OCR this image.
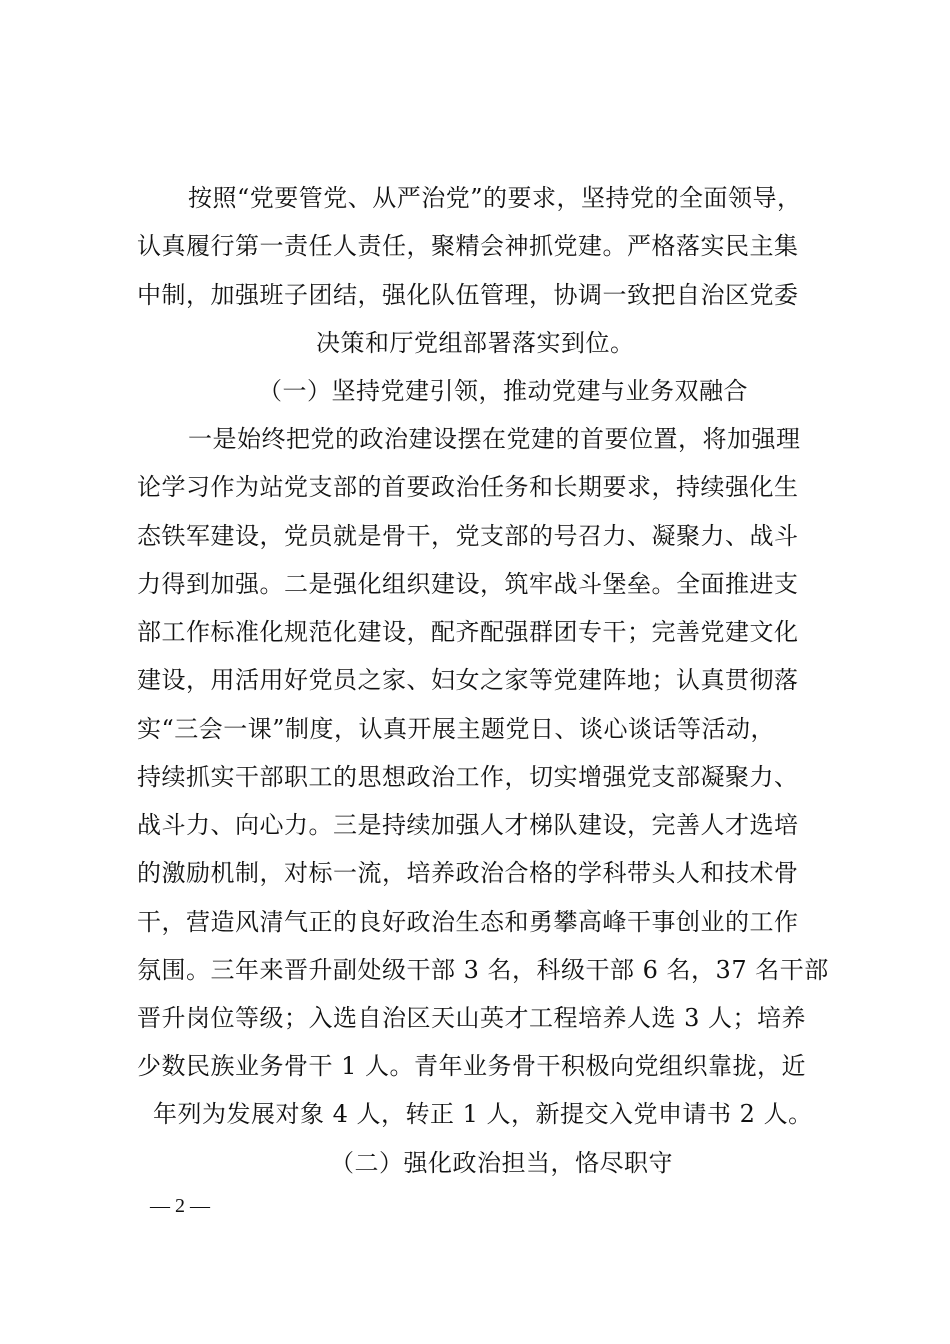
按照“党要管党、从严治党”的要求，坚持党的全面领导，
认真履行第一责任人责任，聚精会神抓党建。严格落实民主集
中制，加强班子团结，强化队伍管理，协调一致把自治区党委
决策和厅党组部署落实到位。
（一）坚持党建引领，推动党建与业务双融合
一是始终把党的政治建设摆在党建的首要位置，将加强理
论学习作为站党支部的首要政治任务和长期要求，持续强化生
态铁军建设，党员就是骨干，党支部的号召力、凝聚力、战斗
力得到加强。二是强化组织建设，筑牢战斗堡垒。全面推进支
部工作标准化规范化建设，配齐配强群团专干；完善党建文化
建设，用活用好党员之家、妇女之家等党建阵地；认真贯彻落
实“三会一课”制度，认真开展主题党日、谈心谈话等活动，
持续抓实干部职工的思想政治工作，切实增强党支部凝聚力、
战斗力、向心力。三是持续加强人才梯队建设，完善人才选培
的激励机制，对标一流，培养政治合格的学科带头人和技术骨
干，营造风清气正的良好政治生态和勇攀高峰干事创业的工作
氛围。三年来晋升副处级干部 3 名，科级干部 6 名，37 名干部
晋升岗位等级；入选自治区天山英才工程培养人选 3 人；培养
少数民族业务骨干 1 人。青年业务骨干积极向党组织靠拢，近
年列为发展对象 4 人，转正 1 人，新提交入党申请书 2 人。
（二）强化政治担当，恪尽职守
— 2 —
